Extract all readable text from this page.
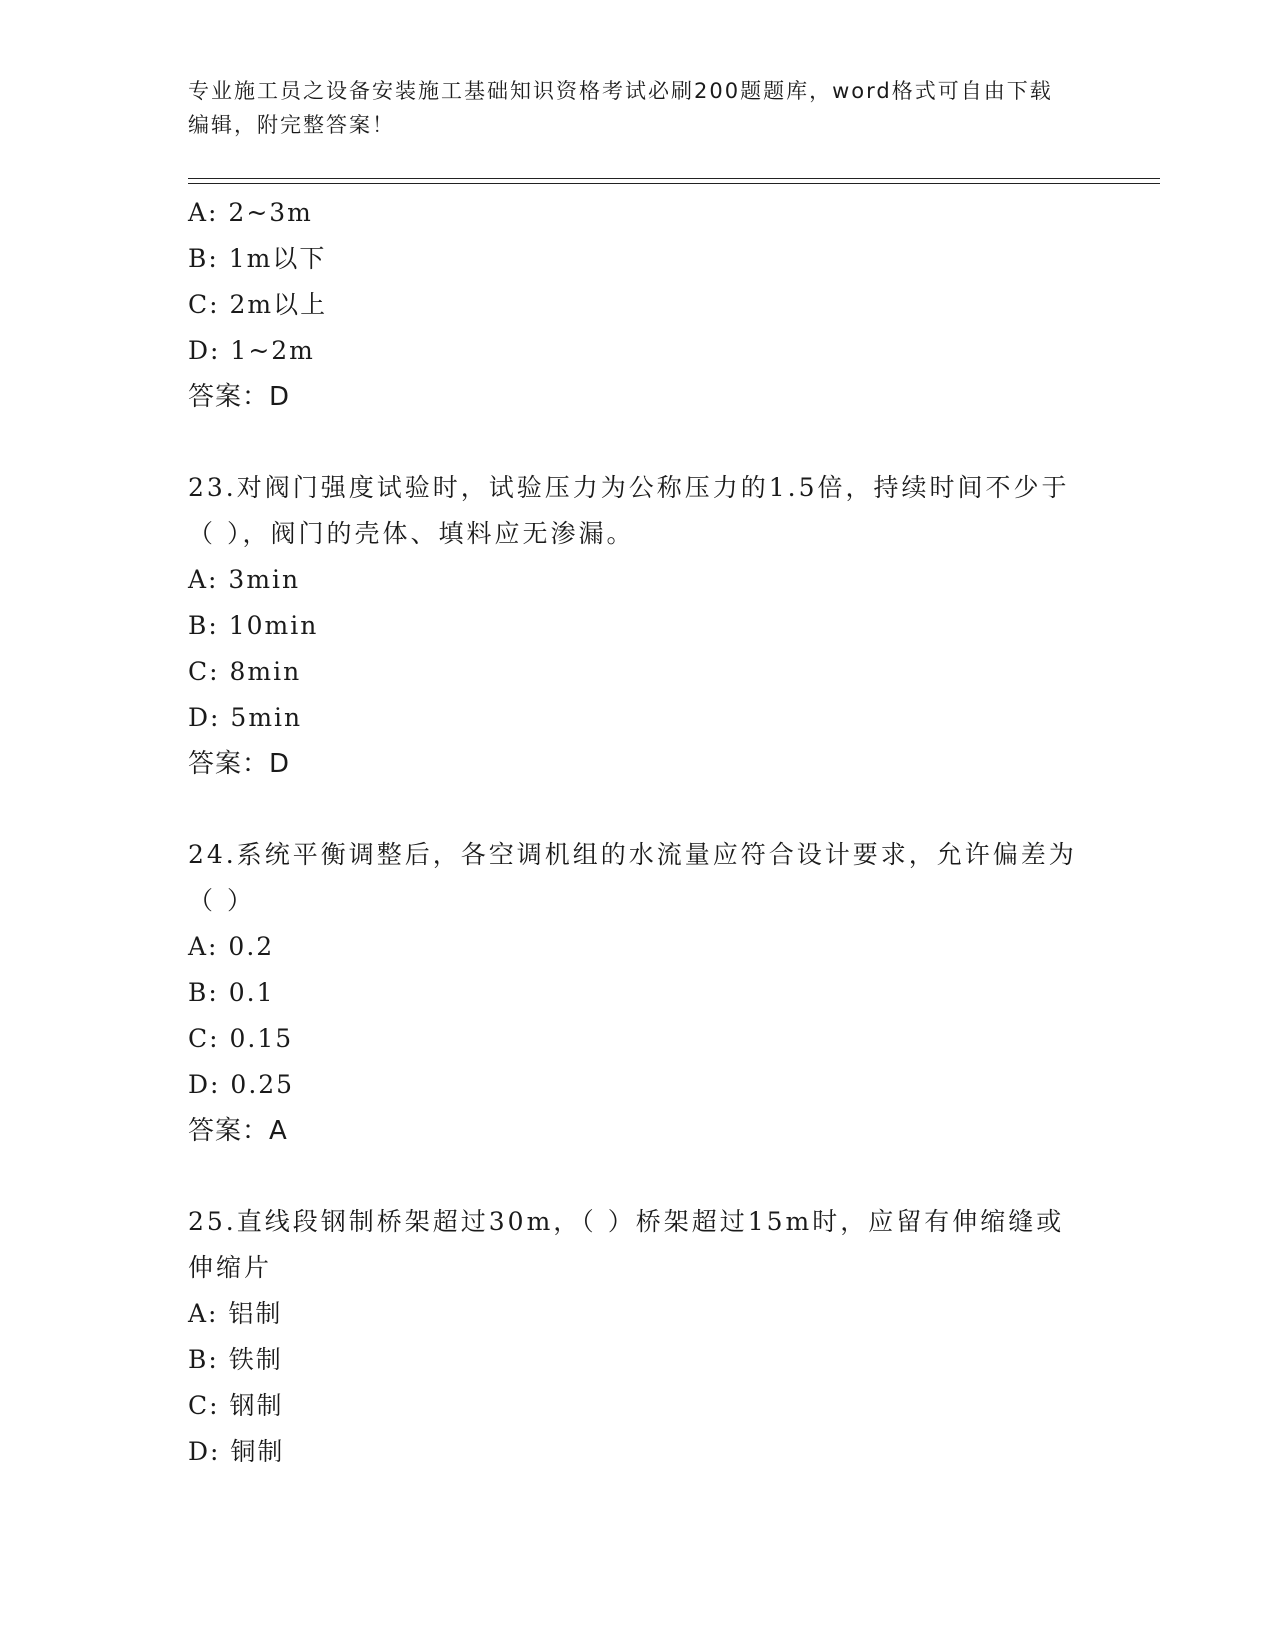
专业施工员之设备安装施工基础知识资格考试必刷200题题库，word格式可自由下载编辑，附完整答案！
A: 2~3m
B: 1m以下
C: 2m以上
D: 1~2m
答案：D
23.对阀门强度试验时，试验压力为公称压力的1.5倍，持续时间不少于（ ），阀门的壳体、填料应无渗漏。
A: 3min
B: 10min
C: 8min
D: 5min
答案：D
24.系统平衡调整后，各空调机组的水流量应符合设计要求，允许偏差为（ ）
A: 0.2
B: 0.1
C: 0.15
D: 0.25
答案：A
25.直线段钢制桥架超过30m，（ ）桥架超过15m时，应留有伸缩缝或伸缩片
A: 铝制
B: 铁制
C: 钢制
D: 铜制
